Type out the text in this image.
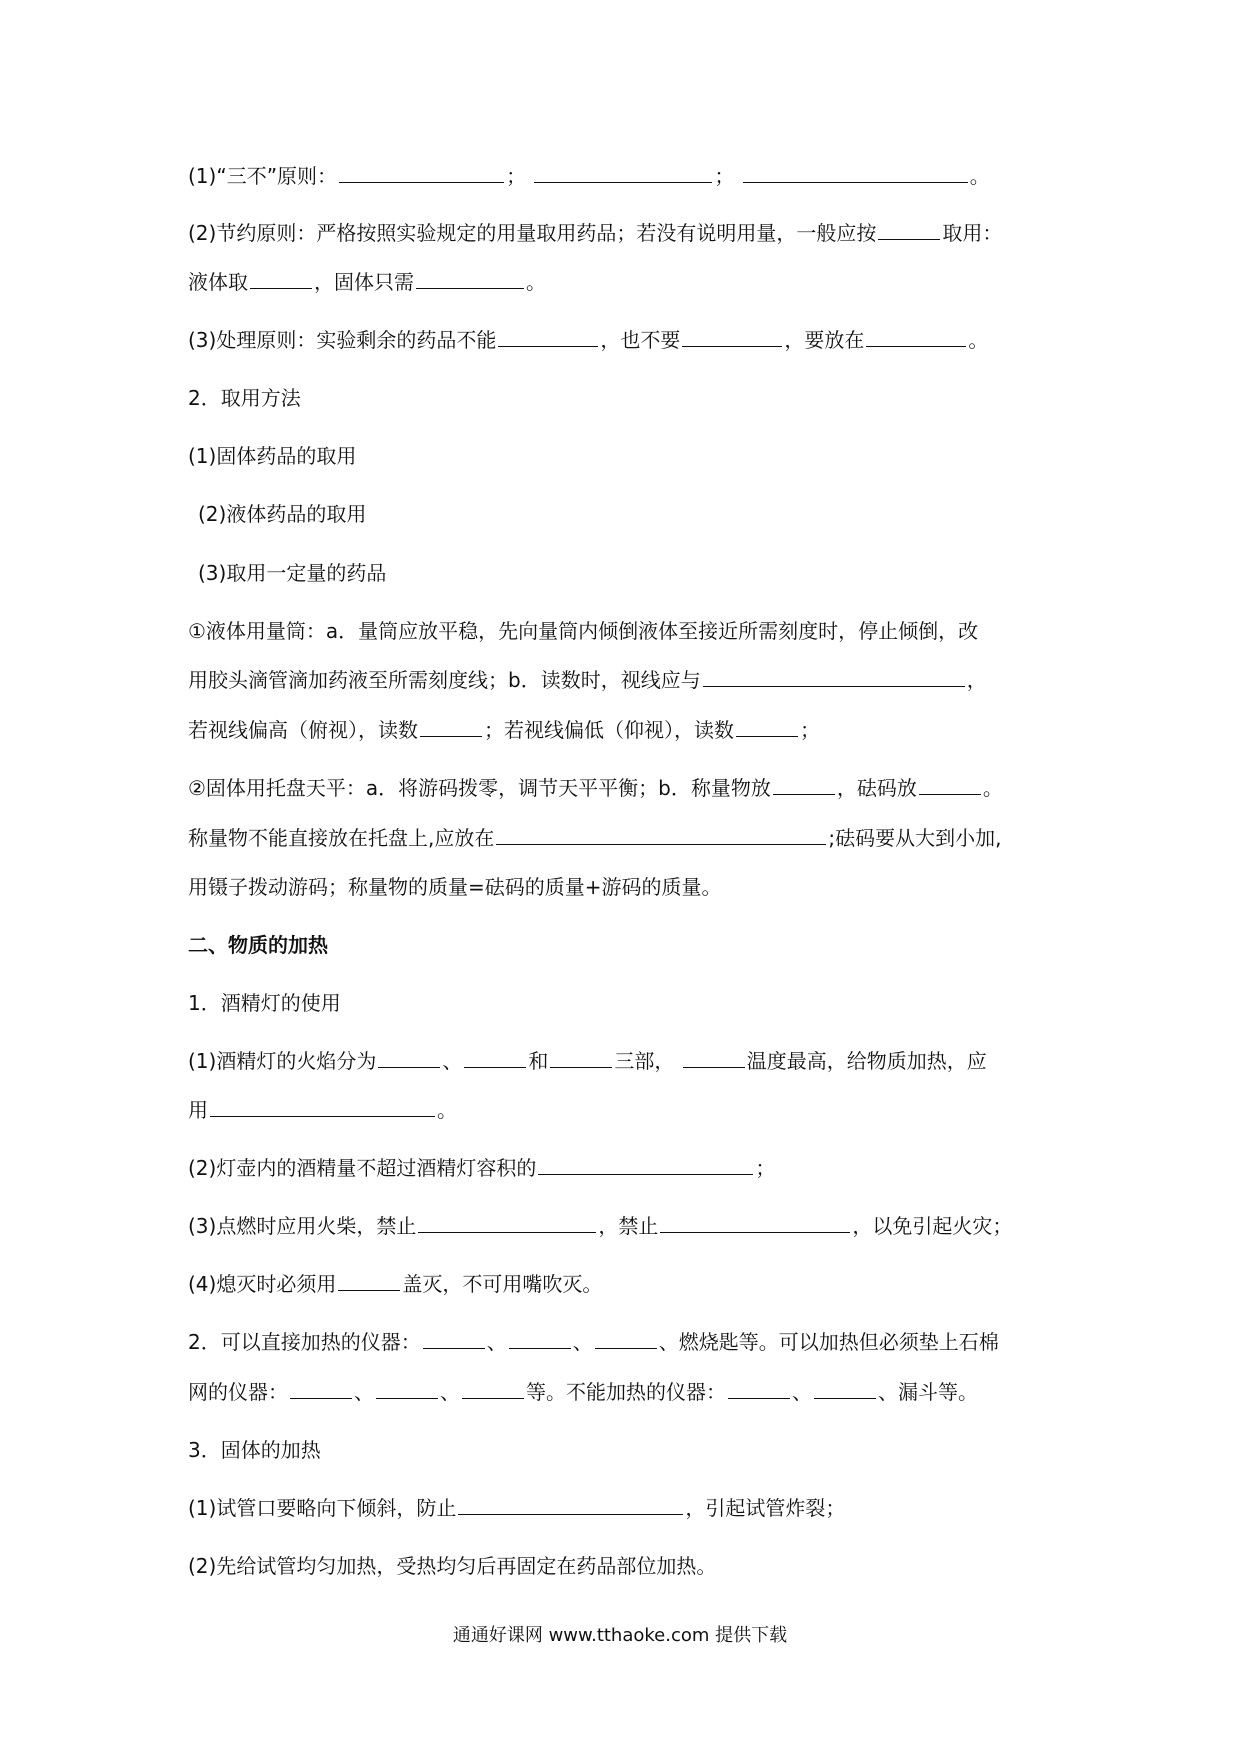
(1)“三不”原则：	；	；	。
(2)节约原则：严格按照实验规定的用量取用药品；若没有说明用量，一般应按	取用：
液体取	，固体只需	。
(3)处理原则：实验剩余的药品不能	，也不要	，要放在	。
2．取用方法
(1)固体药品的取用
(2)液体药品的取用
(3)取用一定量的药品
①液体用量筒：a．量筒应放平稳，先向量筒内倾倒液体至接近所需刻度时，停止倾倒，改
用胶头滴管滴加药液至所需刻度线；b．读数时，视线应与	，
若视线偏高（俯视），读数	；若视线偏低（仰视），读数	；
②固体用托盘天平：a．将游码拨零，调节天平平衡；b．称量物放	，砝码放	。
称量物不能直接放在托盘上,应放在	;砝码要从大到小加,
用镊子拨动游码；称量物的质量=砝码的质量+游码的质量。
二、物质的加热
1．酒精灯的使用
(1)酒精灯的火焰分为	、	和	三部，	温度最高，给物质加热，应
用	。
(2)灯壶内的酒精量不超过酒精灯容积的	；
(3)点燃时应用火柴，禁止	，禁止	，以免引起火灾；
(4)熄灭时必须用	盖灭，不可用嘴吹灭。
2．可以直接加热的仪器：	、	、	、燃烧匙等。可以加热但必须垫上石棉
网的仪器：	、	、	等。不能加热的仪器：	、	、漏斗等。
3．固体的加热
(1)试管口要略向下倾斜，防止	，引起试管炸裂；
(2)先给试管均匀加热，受热均匀后再固定在药品部位加热。
通通好课网 www.tthaoke.com 提供下载
